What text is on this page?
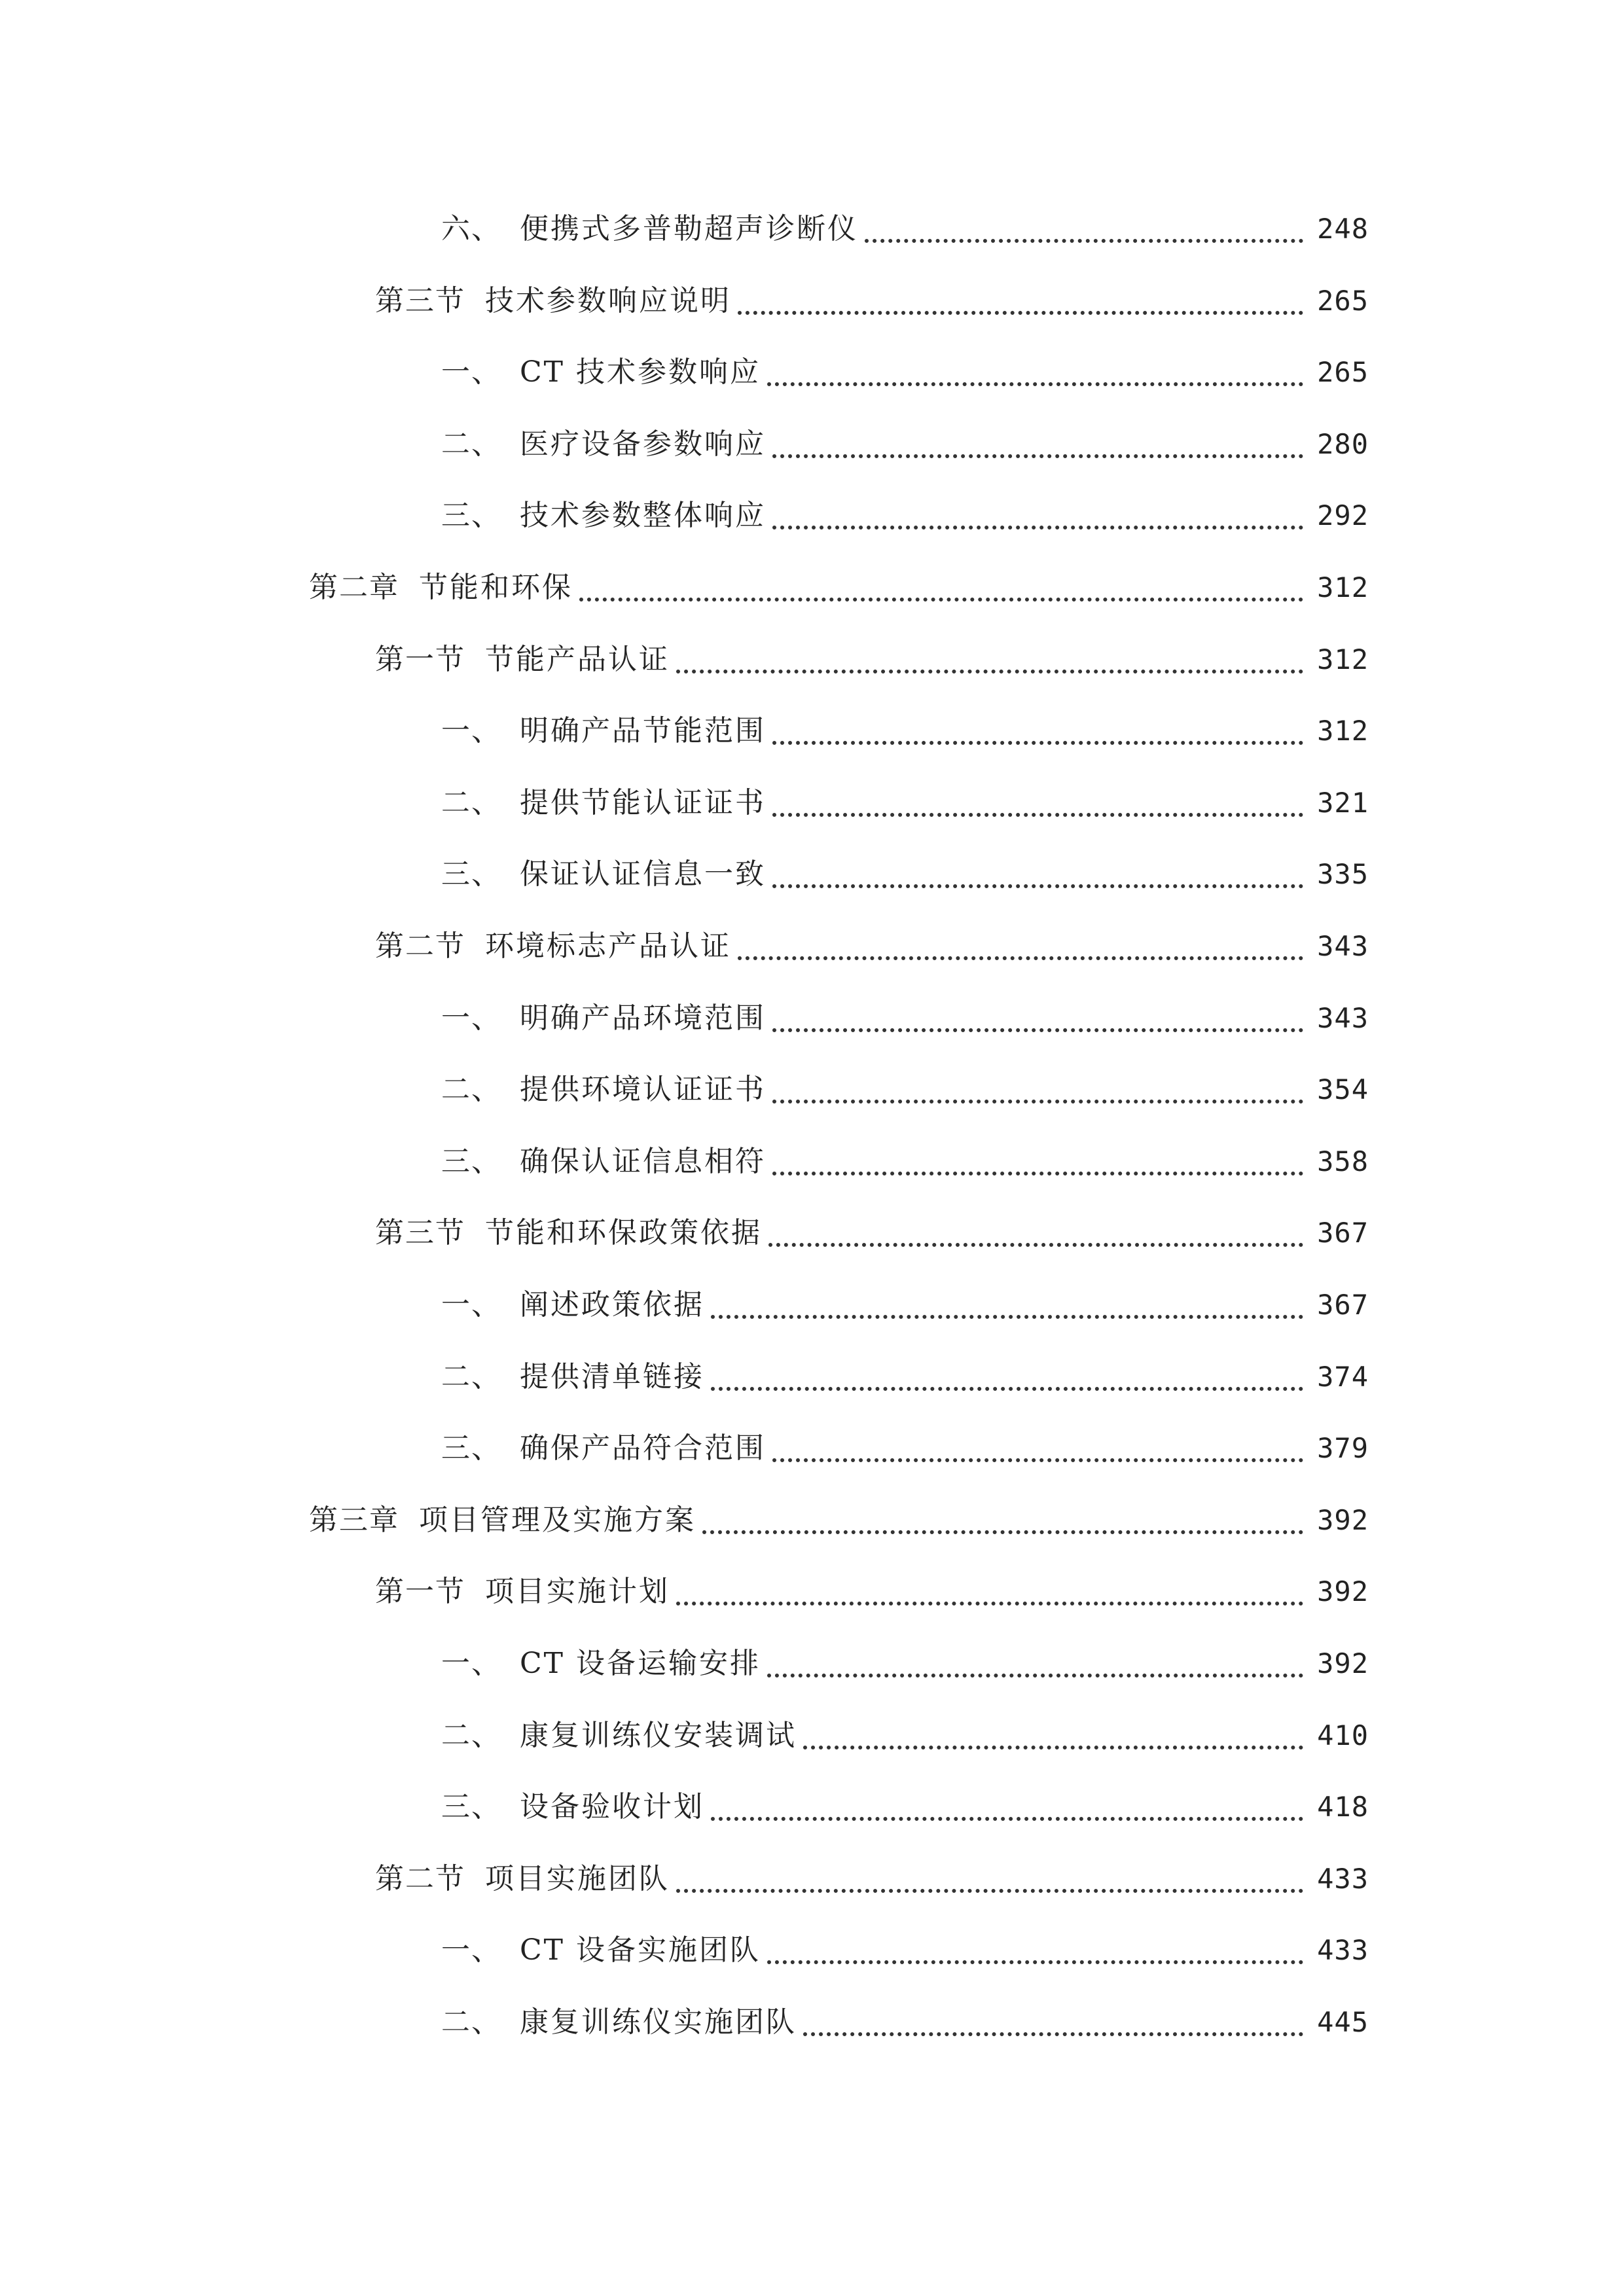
六、 便携式多普勒超声诊断仪	248
第三节 技术参数响应说明	265
一、 CT 技术参数响应	265
二、 医疗设备参数响应	280
三、 技术参数整体响应	292
第二章 节能和环保	312
第一节 节能产品认证	312
一、 明确产品节能范围	312
二、 提供节能认证证书	321
三、 保证认证信息一致	335
第二节 环境标志产品认证	343
一、 明确产品环境范围	343
二、 提供环境认证证书	354
三、 确保认证信息相符	358
第三节 节能和环保政策依据	367
一、 阐述政策依据	367
二、 提供清单链接	374
三、 确保产品符合范围	379
第三章 项目管理及实施方案	392
第一节 项目实施计划	392
一、 CT 设备运输安排	392
二、 康复训练仪安装调试	410
三、 设备验收计划	418
第二节 项目实施团队	433
一、 CT 设备实施团队	433
二、 康复训练仪实施团队	445
